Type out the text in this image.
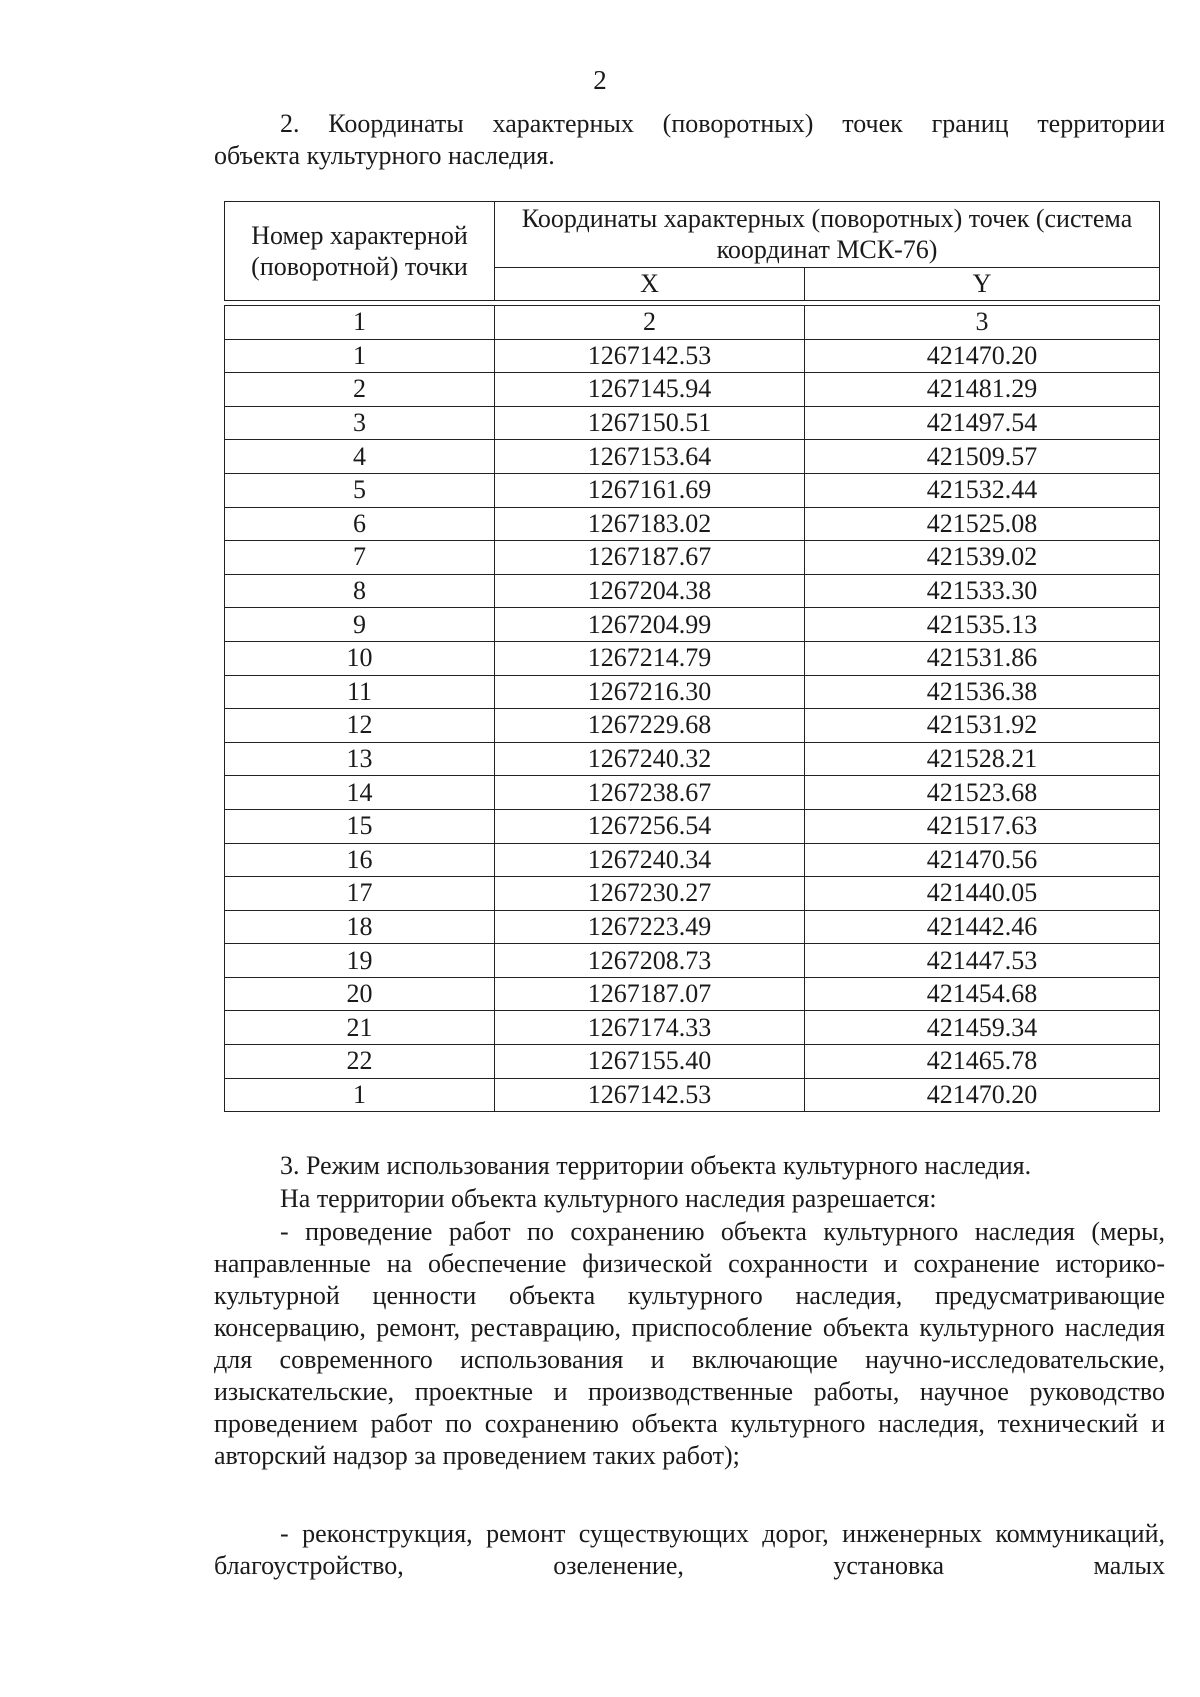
2
2. Координаты характерных (поворотных) точек границ территории
объекта культурного наследия.
Номер характерной (поворотной) точки	Координаты характерных (поворотных) точек (система координат МСК-76)	
	X	Y

1	2	3
1	1267142.53	421470.20
2	1267145.94	421481.29
3	1267150.51	421497.54
4	1267153.64	421509.57
5	1267161.69	421532.44
6	1267183.02	421525.08
7	1267187.67	421539.02
8	1267204.38	421533.30
9	1267204.99	421535.13
10	1267214.79	421531.86
11	1267216.30	421536.38
12	1267229.68	421531.92
13	1267240.32	421528.21
14	1267238.67	421523.68
15	1267256.54	421517.63
16	1267240.34	421470.56
17	1267230.27	421440.05
18	1267223.49	421442.46
19	1267208.73	421447.53
20	1267187.07	421454.68
21	1267174.33	421459.34
22	1267155.40	421465.78
1	1267142.53	421470.20
3. Режим использования территории объекта культурного наследия.
На территории объекта культурного наследия разрешается:
- проведение работ по сохранению объекта культурного наследия (меры, направленные на обеспечение физической сохранности и сохранение историко-культурной ценности объекта культурного наследия, предусматривающие консервацию, ремонт, реставрацию, приспособление объекта культурного наследия для современного использования и включающие научно-исследовательские, изыскательские, проектные и производственные работы, научное руководство проведением работ по сохранению объекта культурного наследия, технический и авторский надзор за проведением таких работ);
- реконструкция, ремонт существующих дорог, инженерных коммуникаций, благоустройство, озеленение, установка малых
